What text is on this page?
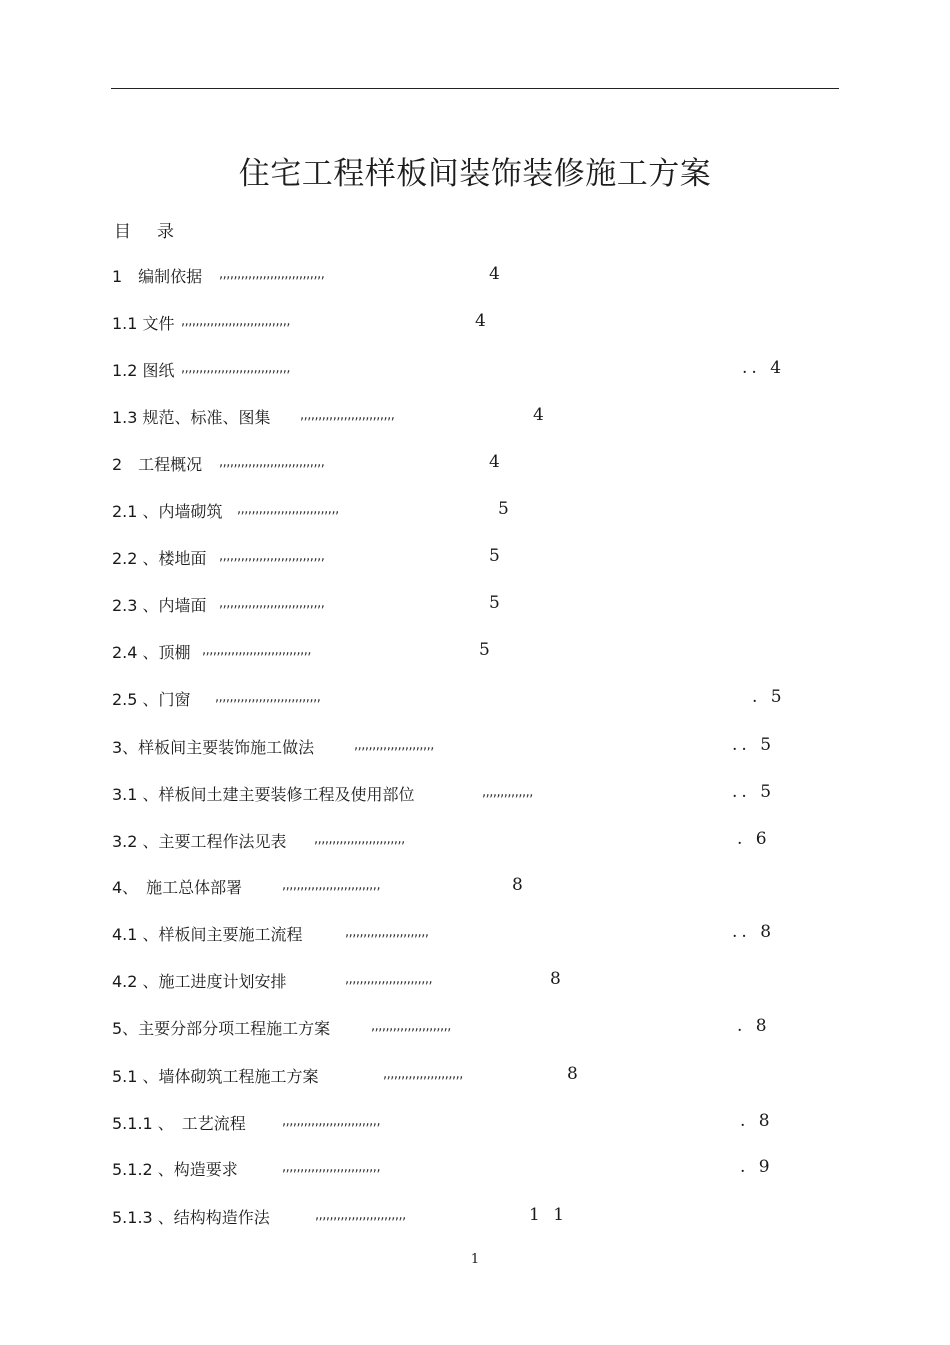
住宅工程样板间装饰装修施工方案
目 录
1　编制依据 ,,,,,,,,,,,,,,,,,,,,,,,,,,,,,	4
1.1 文件 ,,,,,,,,,,,,,,,,,,,,,,,,,,,,,,	4
1.2 图纸 ,,,,,,,,,,,,,,,,,,,,,,,,,,,,,,	.. 4
1.3 规范、标准、图集 ,,,,,,,,,,,,,,,,,,,,,,,,,,	4
2　工程概况 ,,,,,,,,,,,,,,,,,,,,,,,,,,,,,	4
2.1 、内墙砌筑 ,,,,,,,,,,,,,,,,,,,,,,,,,,,,	5
2.2 、楼地面 ,,,,,,,,,,,,,,,,,,,,,,,,,,,,,	5
2.3 、内墙面 ,,,,,,,,,,,,,,,,,,,,,,,,,,,,,	5
2.4 、顶棚 ,,,,,,,,,,,,,,,,,,,,,,,,,,,,,,	5
2.5 、门窗 ,,,,,,,,,,,,,,,,,,,,,,,,,,,,,	. 5
3、样板间主要装饰施工做法	,,,,,,,,,,,,,,,,,,,,,,	.. 5
3.1 、样板间土建主要装修工程及使用部位	,,,,,,,,,,,,,,	.. 5
3.2 、主要工程作法见表 ,,,,,,,,,,,,,,,,,,,,,,,,,	. 6
4、　施工总体部署	,,,,,,,,,,,,,,,,,,,,,,,,,,,	8
4.1 、样板间主要施工流程	,,,,,,,,,,,,,,,,,,,,,,,	.. 8
4.2 、施工进度计划安排	,,,,,,,,,,,,,,,,,,,,,,,,	8
5、主要分部分项工程施工方案	,,,,,,,,,,,,,,,,,,,,,,	. 8
5.1 、墙体砌筑工程施工方案	,,,,,,,,,,,,,,,,,,,,,,	8
5.1.1 、　工艺流程	,,,,,,,,,,,,,,,,,,,,,,,,,,,	. 8
5.1.2 、构造要求	,,,,,,,,,,,,,,,,,,,,,,,,,,,	. 9
5.1.3 、结构构造作法	,,,,,,,,,,,,,,,,,,,,,,,,,	1 1
1
